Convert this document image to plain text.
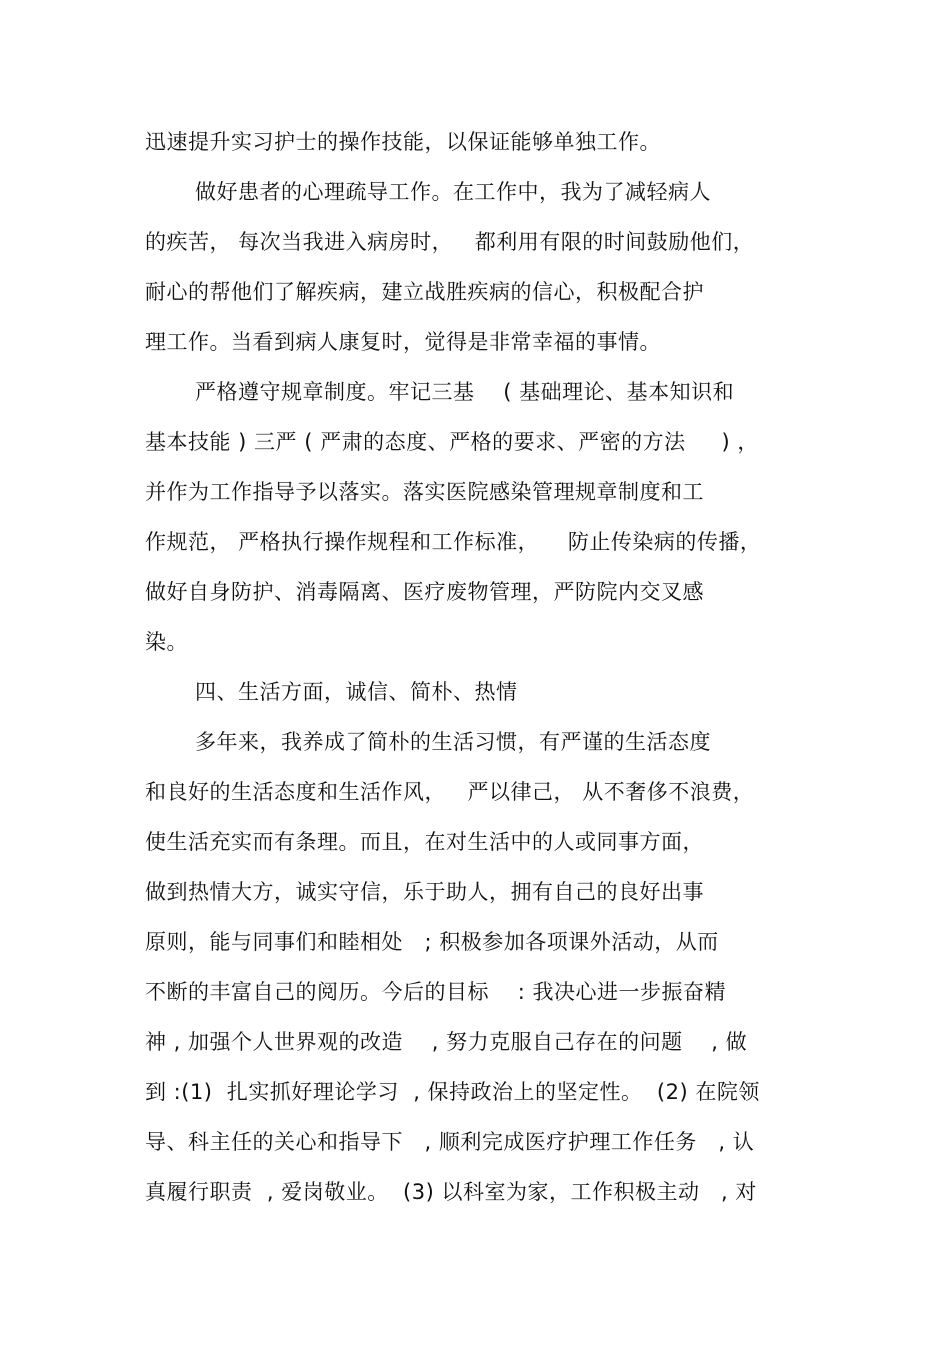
迅速提升实习护士的操作技能，以保证能够单独工作。
做好患者的心理疏导工作。在工作中，我为了减轻病人
的疾苦， 每次当我进入病房时，   都利用有限的时间鼓励他们，
耐心的帮他们了解疾病，建立战胜疾病的信心，积极配合护
理工作。当看到病人康复时，觉得是非常幸福的事情。
严格遵守规章制度。牢记三基    ( 基础理论、基本知识和
基本技能 ) 三严 ( 严肃的态度、严格的要求、严密的方法     ) ，
并作为工作指导予以落实。落实医院感染管理规章制度和工
作规范， 严格执行操作规程和工作标准，    防止传染病的传播，
做好自身防护、消毒隔离、医疗废物管理，严防院内交叉感
染。
四、生活方面，诚信、简朴、热情
多年来，我养成了简朴的生活习惯，有严谨的生活态度
和良好的生活态度和生活作风，   严以律己， 从不奢侈不浪费，
使生活充实而有条理。而且，在对生活中的人或同事方面，
做到热情大方，诚实守信，乐于助人，拥有自己的良好出事
原则，能与同事们和睦相处   ; 积极参加各项课外活动，从而
不断的丰富自己的阅历。今后的目标    : 我决心进一步振奋精
神 , 加强个人世界观的改造    , 努力克服自己存在的问题    , 做
到 :(1)  扎实抓好理论学习  , 保持政治上的坚定性。  (2) 在院领
导、科主任的关心和指导下   , 顺利完成医疗护理工作任务   , 认
真履行职责  , 爱岗敬业。  (3) 以科室为家，工作积极主动   , 对
